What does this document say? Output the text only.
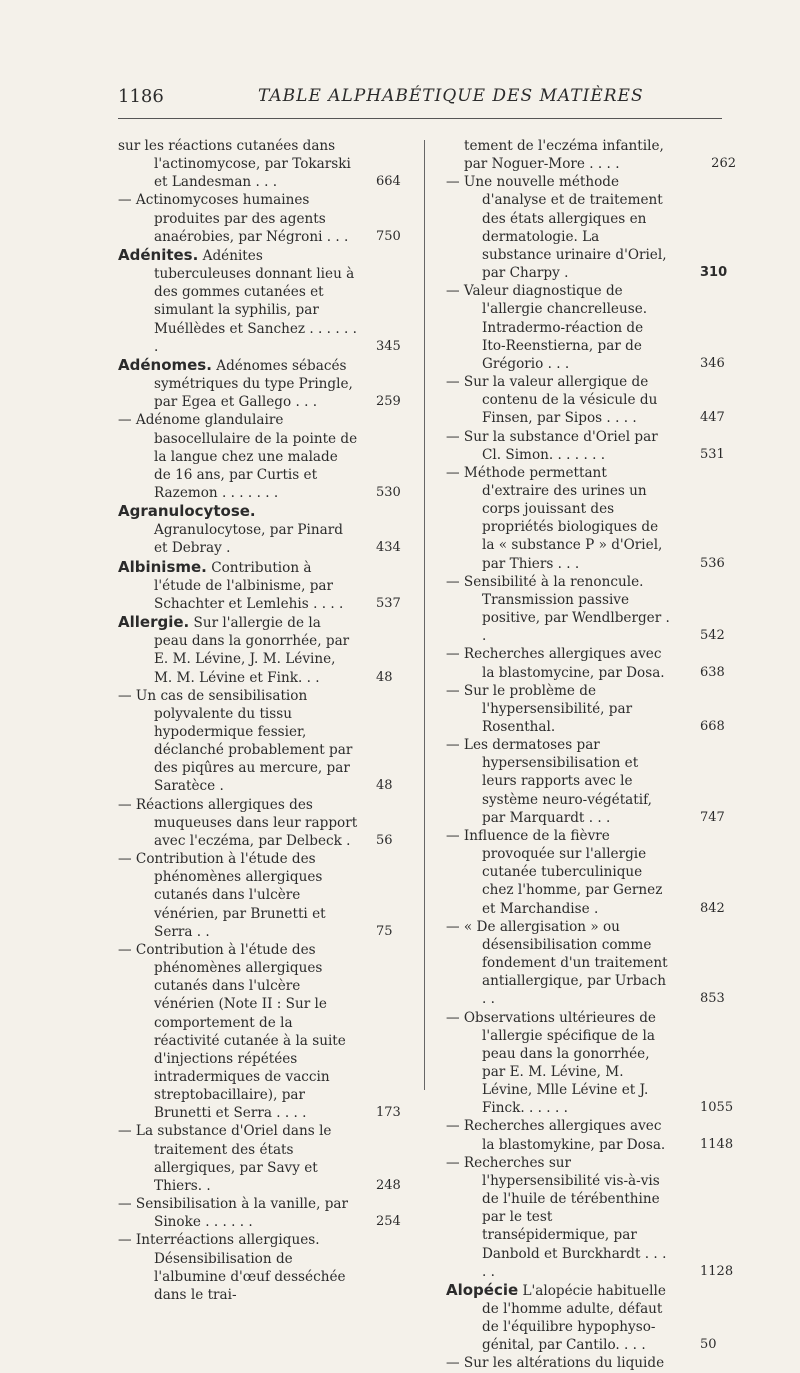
1186	TABLE ALPHABÉTIQUE DES MATIÈRES
sur les réactions cutanées dans l'actinomycose, par Tokarski et Landesman . . .	664
— Actinomycoses humaines produites par des agents anaérobies, par Négroni . . .	750
Adénites. Adénites tuberculeuses donnant lieu à des gommes cutanées et simulant la syphilis, par Muéllèdes et Sanchez . . . . . . .	345
Adénomes. Adénomes sébacés symétriques du type Pringle, par Egea et Gallego . . .	259
— Adénome glandulaire basocellulaire de la pointe de la langue chez une malade de 16 ans, par Curtis et Razemon . . . . . . .	530
Agranulocytose. Agranulocytose, par Pinard et Debray .	434
Albinisme. Contribution à l'étude de l'albinisme, par Schachter et Lemlehis . . . .	537
Allergie. Sur l'allergie de la peau dans la gonorrhée, par E. M. Lévine, J. M. Lévine, M. M. Lévine et Fink. . .	48
— Un cas de sensibilisation polyvalente du tissu hypodermique fessier, déclanché probablement par des piqûres au mercure, par Saratèce .	48
— Réactions allergiques des muqueuses dans leur rapport avec l'eczéma, par Delbeck .	56
— Contribution à l'étude des phénomènes allergiques cutanés dans l'ulcère vénérien, par Brunetti et Serra . .	75
— Contribution à l'étude des phénomènes allergiques cutanés dans l'ulcère vénérien (Note II : Sur le comportement de la réactivité cutanée à la suite d'injections répétées intradermiques de vaccin streptobacillaire), par Brunetti et Serra . . . .	173
— La substance d'Oriel dans le traitement des états allergiques, par Savy et Thiers. .	248
— Sensibilisation à la vanille, par Sinoke . . . . . .	254
— Interréactions allergiques. Désensibilisation de l'albumine d'œuf desséchée dans le trai-
tement de l'eczéma infantile, par Noguer-More . . . .	262
— Une nouvelle méthode d'analyse et de traitement des états allergiques en dermatologie. La substance urinaire d'Oriel, par Charpy .	310
— Valeur diagnostique de l'allergie chancrelleuse. Intradermo-réaction de Ito-Reenstierna, par de Grégorio . . .	346
— Sur la valeur allergique de contenu de la vésicule du Finsen, par Sipos . . . .	447
— Sur la substance d'Oriel par Cl. Simon. . . . . . .	531
— Méthode permettant d'extraire des urines un corps jouissant des propriétés biologiques de la « substance P » d'Oriel, par Thiers . . .	536
— Sensibilité à la renoncule. Transmission passive positive, par Wendlberger . .	542
— Recherches allergiques avec la blastomycine, par Dosa.	638
— Sur le problème de l'hypersensibilité, par Rosenthal.	668
— Les dermatoses par hypersensibilisation et leurs rapports avec le système neuro-végétatif, par Marquardt . . .	747
— Influence de la fièvre provoquée sur l'allergie cutanée tuberculinique chez l'homme, par Gernez et Marchandise .	842
— « De allergisation » ou désensibilisation comme fondement d'un traitement antiallergique, par Urbach . .	853
— Observations ultérieures de l'allergie spécifique de la peau dans la gonorrhée, par E. M. Lévine, M. Lévine, Mlle Lévine et J. Finck. . . . . .	1055
— Recherches allergiques avec la blastomykine, par Dosa.	1148
— Recherches sur l'hypersensibilité vis-à-vis de l'huile de térébenthine par le test transépidermique, par Danbold et Burckhardt . . . . .	1128
Alopécie L'alopécie habituelle de l'homme adulte, défaut de l'équilibre hypophyso-génital, par Cantilo. . . .	50
— Sur les altérations du liquide
